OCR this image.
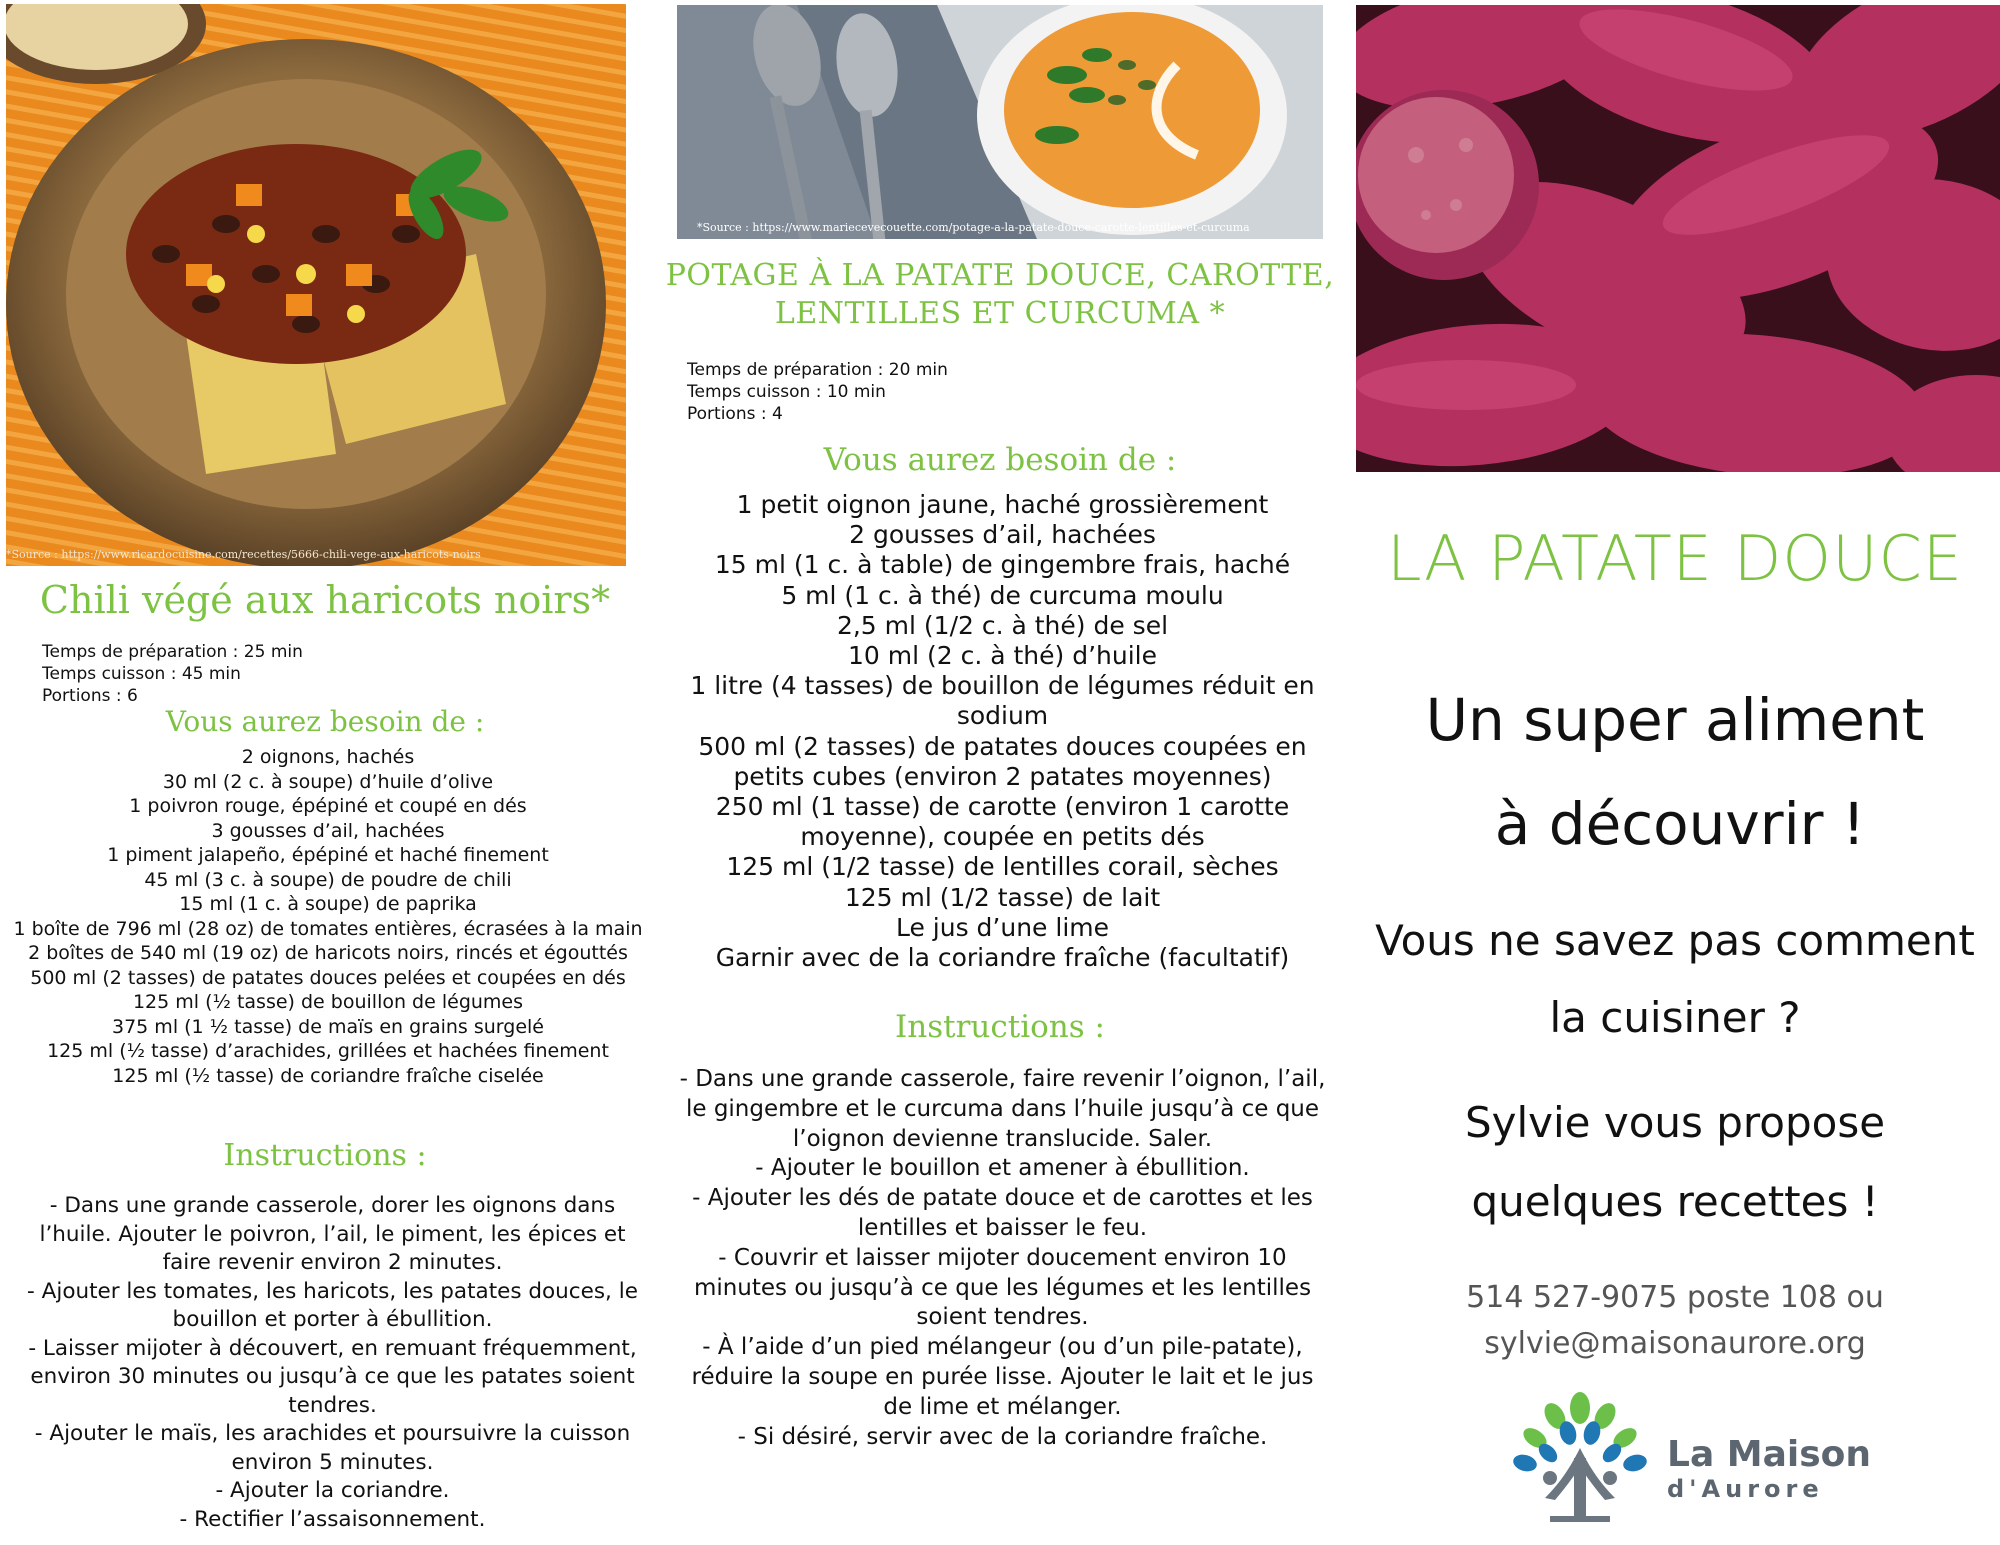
*Source : https://www.ricardocuisine.com/recettes/5666-chili-vege-aux-haricots-noirs
Chili végé aux haricots noirs*
Temps de préparation : 25 min
Temps cuisson : 45 min
Portions : 6
Vous aurez besoin de :
2 oignons, hachés
30 ml (2 c. à soupe) d’huile d’olive
1 poivron rouge, épépiné et coupé en dés
3 gousses d’ail, hachées
1 piment jalapeño, épépiné et haché finement
45 ml (3 c. à soupe) de poudre de chili
15 ml (1 c. à soupe) de paprika
1 boîte de 796 ml (28 oz) de tomates entières, écrasées à la main
2 boîtes de 540 ml (19 oz) de haricots noirs, rincés et égouttés
500 ml (2 tasses) de patates douces pelées et coupées en dés
125 ml (½ tasse) de bouillon de légumes
375 ml (1 ½ tasse) de maïs en grains surgelé
125 ml (½ tasse) d’arachides, grillées et hachées finement
125 ml (½ tasse) de coriandre fraîche ciselée
Instructions :
- Dans une grande casserole, dorer les oignons dans l’huile. Ajouter le poivron, l’ail, le piment, les épices et faire revenir environ 2 minutes.
- Ajouter les tomates, les haricots, les patates douces, le bouillon et porter à ébullition.
- Laisser mijoter à découvert, en remuant fréquemment, environ 30 minutes ou jusqu’à ce que les patates soient tendres.
- Ajouter le maïs, les arachides et poursuivre la cuisson environ 5 minutes.
- Ajouter la coriandre.
- Rectifier l’assaisonnement.
*Source : https://www.mariecevecouette.com/potage-a-la-patate-douce-carotte-lentilles-et-curcuma
POTAGE À LA PATATE DOUCE, CAROTTE,
LENTILLES ET CURCUMA *
Temps de préparation : 20 min
Temps cuisson : 10 min
Portions : 4
Vous aurez besoin de :
1 petit oignon jaune, haché grossièrement
2 gousses d’ail, hachées
15 ml (1 c. à table) de gingembre frais, haché
5 ml (1 c. à thé) de curcuma moulu
2,5 ml (1/2 c. à thé) de sel
10 ml (2 c. à thé) d’huile
1 litre (4 tasses) de bouillon de légumes réduit en sodium
500 ml (2 tasses) de patates douces coupées en petits cubes (environ 2 patates moyennes)
250 ml (1 tasse) de carotte (environ 1 carotte moyenne), coupée en petits dés
125 ml (1/2 tasse) de lentilles corail, sèches
125 ml (1/2 tasse) de lait
Le jus d’une lime
Garnir avec de la coriandre fraîche (facultatif)
Instructions :
- Dans une grande casserole, faire revenir l’oignon, l’ail, le gingembre et le curcuma dans l’huile jusqu’à ce que l’oignon devienne translucide. Saler.
- Ajouter le bouillon et amener à ébullition.
- Ajouter les dés de patate douce et de carottes et les lentilles et baisser le feu.
- Couvrir et laisser mijoter doucement environ 10 minutes ou jusqu’à ce que les légumes et les lentilles soient tendres.
- À l’aide d’un pied mélangeur (ou d’un pile-patate), réduire la soupe en purée lisse. Ajouter le lait et le jus de lime et mélanger.
- Si désiré, servir avec de la coriandre fraîche.
LA PATATE DOUCE
Un super aliment
à découvrir !
Vous ne savez pas comment
la cuisiner ?
Sylvie vous propose
quelques recettes !
514 527-9075 poste 108 ou
sylvie@maisonaurore.org
La Maison
d'Aurore
